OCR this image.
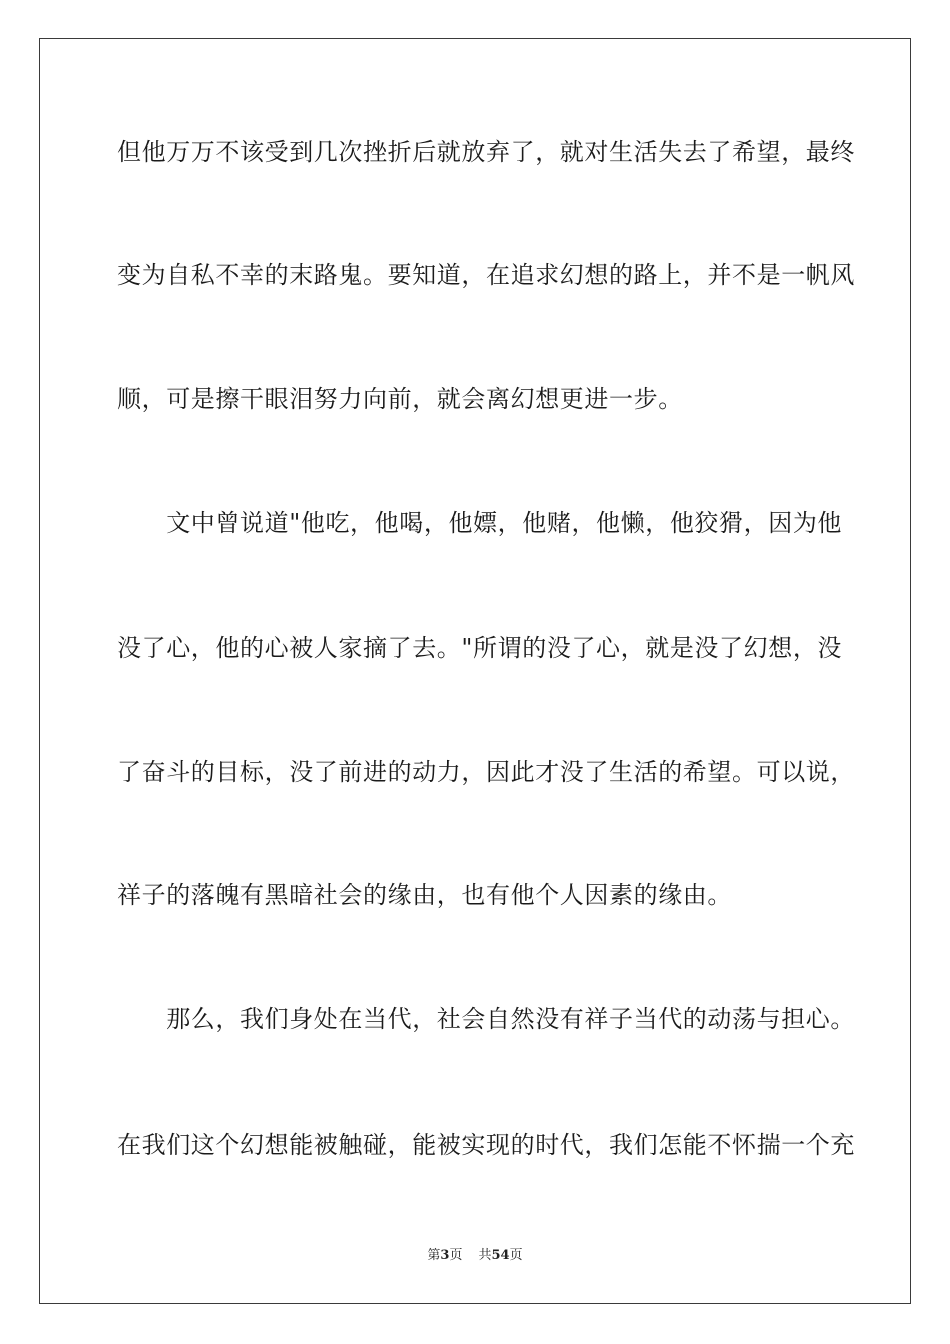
但他万万不该受到几次挫折后就放弃了，就对生活失去了希望，最终
变为自私不幸的末路鬼。要知道，在追求幻想的路上，并不是一帆风
顺，可是擦干眼泪努力向前，就会离幻想更进一步。
　　文中曾说道"他吃，他喝，他嫖，他赌，他懒，他狡猾，因为他
没了心，他的心被人家摘了去。"所谓的没了心，就是没了幻想，没
了奋斗的目标，没了前进的动力，因此才没了生活的希望。可以说，
祥子的落魄有黑暗社会的缘由，也有他个人因素的缘由。
　　那么，我们身处在当代，社会自然没有祥子当代的动荡与担心。
在我们这个幻想能被触碰，能被实现的时代，我们怎能不怀揣一个充
第3页 共54页
